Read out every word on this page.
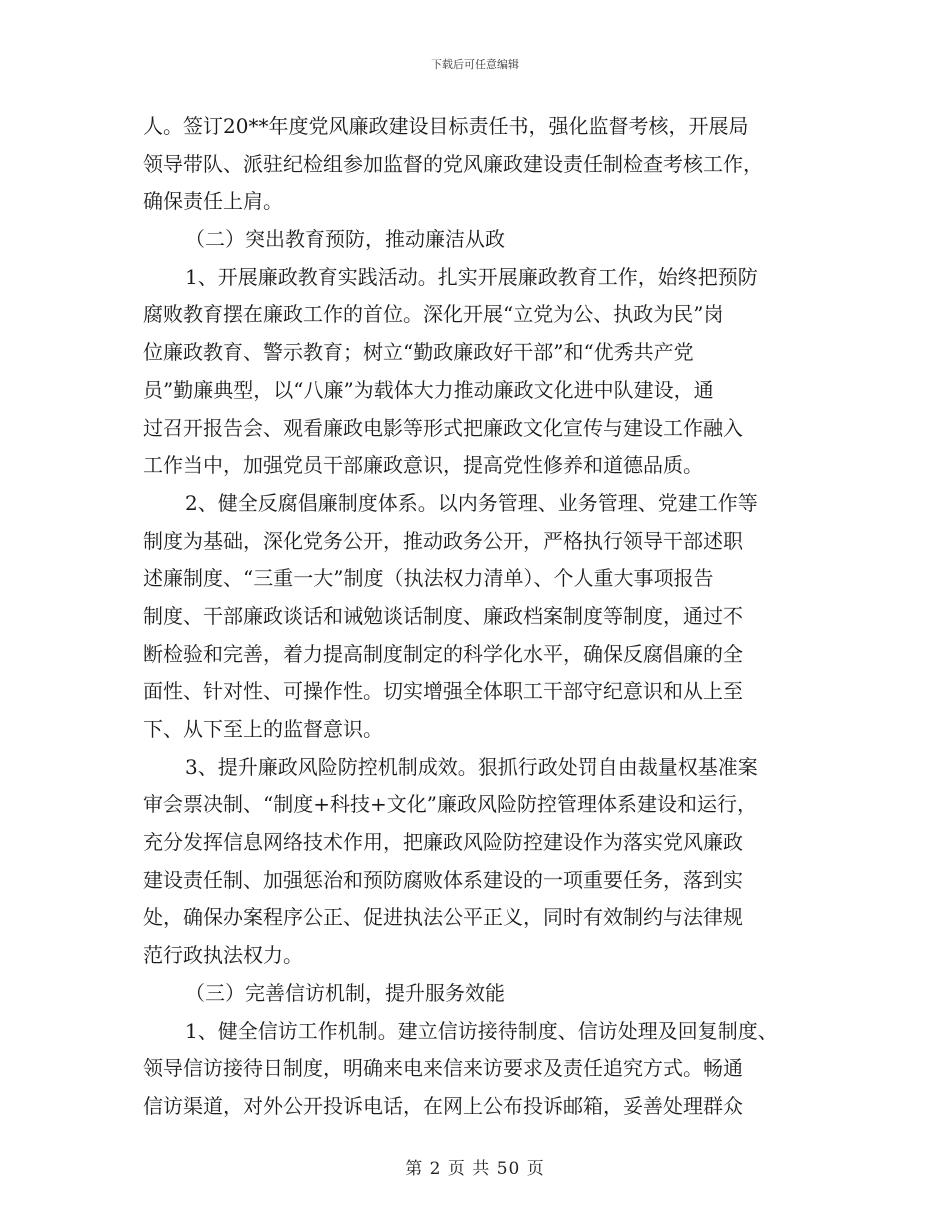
下载后可任意编辑
人。签订20**年度党风廉政建设目标责任书，强化监督考核，开展局
领导带队、派驻纪检组参加监督的党风廉政建设责任制检查考核工作，
确保责任上肩。
（二）突出教育预防，推动廉洁从政
1、开展廉政教育实践活动。扎实开展廉政教育工作，始终把预防
腐败教育摆在廉政工作的首位。深化开展“立党为公、执政为民”岗
位廉政教育、警示教育；树立“勤政廉政好干部”和“优秀共产党
员”勤廉典型，以“八廉”为载体大力推动廉政文化进中队建设，通
过召开报告会、观看廉政电影等形式把廉政文化宣传与建设工作融入
工作当中，加强党员干部廉政意识，提高党性修养和道德品质。
2、健全反腐倡廉制度体系。以内务管理、业务管理、党建工作等
制度为基础，深化党务公开，推动政务公开，严格执行领导干部述职
述廉制度、“三重一大”制度（执法权力清单）、个人重大事项报告
制度、干部廉政谈话和诫勉谈话制度、廉政档案制度等制度，通过不
断检验和完善，着力提高制度制定的科学化水平，确保反腐倡廉的全
面性、针对性、可操作性。切实增强全体职工干部守纪意识和从上至
下、从下至上的监督意识。
3、提升廉政风险防控机制成效。狠抓行政处罚自由裁量权基准案
审会票决制、“制度+科技+文化”廉政风险防控管理体系建设和运行，
充分发挥信息网络技术作用，把廉政风险防控建设作为落实党风廉政
建设责任制、加强惩治和预防腐败体系建设的一项重要任务，落到实
处，确保办案程序公正、促进执法公平正义，同时有效制约与法律规
范行政执法权力。
（三）完善信访机制，提升服务效能
1、健全信访工作机制。建立信访接待制度、信访处理及回复制度、
领导信访接待日制度，明确来电来信来访要求及责任追究方式。畅通
信访渠道，对外公开投诉电话，在网上公布投诉邮箱，妥善处理群众
第 2 页 共 50 页
